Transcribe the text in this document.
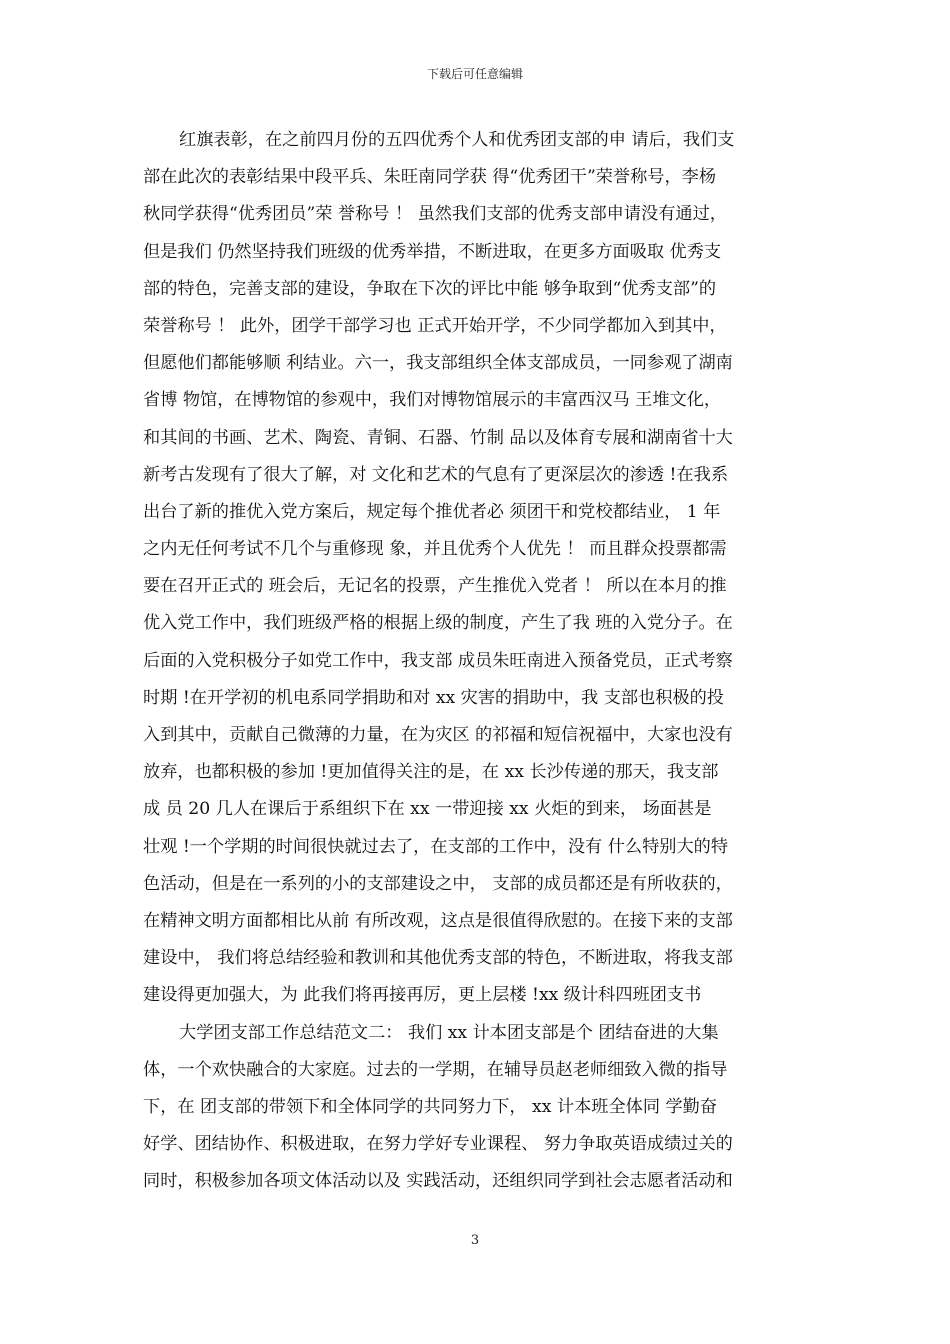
下载后可任意编辑
红旗表彰，在之前四月份的五四优秀个人和优秀团支部的申 请后，我们支
部在此次的表彰结果中段平兵、朱旺南同学获 得“优秀团干”荣誉称号，李杨
秋同学获得“优秀团员”荣 誉称号 ！ 虽然我们支部的优秀支部申请没有通过，
但是我们 仍然坚持我们班级的优秀举措，不断进取，在更多方面吸取 优秀支
部的特色，完善支部的建设，争取在下次的评比中能 够争取到“优秀支部”的
荣誉称号 ！ 此外，团学干部学习也 正式开始开学，不少同学都加入到其中，
但愿他们都能够顺 利结业。六一，我支部组织全体支部成员，一同参观了湖南
省博 物馆，在博物馆的参观中，我们对博物馆展示的丰富西汉马 王堆文化，
和其间的书画、艺术、陶瓷、青铜、石器、竹制 品以及体育专展和湖南省十大
新考古发现有了很大了解，对 文化和艺术的气息有了更深层次的渗透 !在我系
出台了新的推优入党方案后，规定每个推优者必 须团干和党校都结业， 1 年
之内无任何考试不几个与重修现 象，并且优秀个人优先 ！ 而且群众投票都需
要在召开正式的 班会后，无记名的投票，产生推优入党者 ！ 所以在本月的推
优入党工作中，我们班级严格的根据上级的制度，产生了我 班的入党分子。在
后面的入党积极分子如党工作中，我支部 成员朱旺南进入预备党员，正式考察
时期 !在开学初的机电系同学捐助和对 xx 灾害的捐助中，我 支部也积极的投
入到其中，贡献自己微薄的力量，在为灾区 的祁福和短信祝福中，大家也没有
放弃，也都积极的参加 !更加值得关注的是，在 xx 长沙传递的那天，我支部
成 员 20 几人在课后于系组织下在 xx 一带迎接 xx 火炬的到来， 场面甚是
壮观 !一个学期的时间很快就过去了，在支部的工作中，没有 什么特别大的特
色活动，但是在一系列的小的支部建设之中， 支部的成员都还是有所收获的，
在精神文明方面都相比从前 有所改观，这点是很值得欣慰的。在接下来的支部
建设中， 我们将总结经验和教训和其他优秀支部的特色，不断进取，将我支部
建设得更加强大，为 此我们将再接再厉，更上层楼 !xx 级计科四班团支书
大学团支部工作总结范文二： 我们 xx 计本团支部是个 团结奋进的大集
体，一个欢快融合的大家庭。过去的一学期，在辅导员赵老师细致入微的指导
下，在 团支部的带领下和全体同学的共同努力下， xx 计本班全体同 学勤奋
好学、团结协作、积极进取，在努力学好专业课程、 努力争取英语成绩过关的
同时，积极参加各项文体活动以及 实践活动，还组织同学到社会志愿者活动和
3
